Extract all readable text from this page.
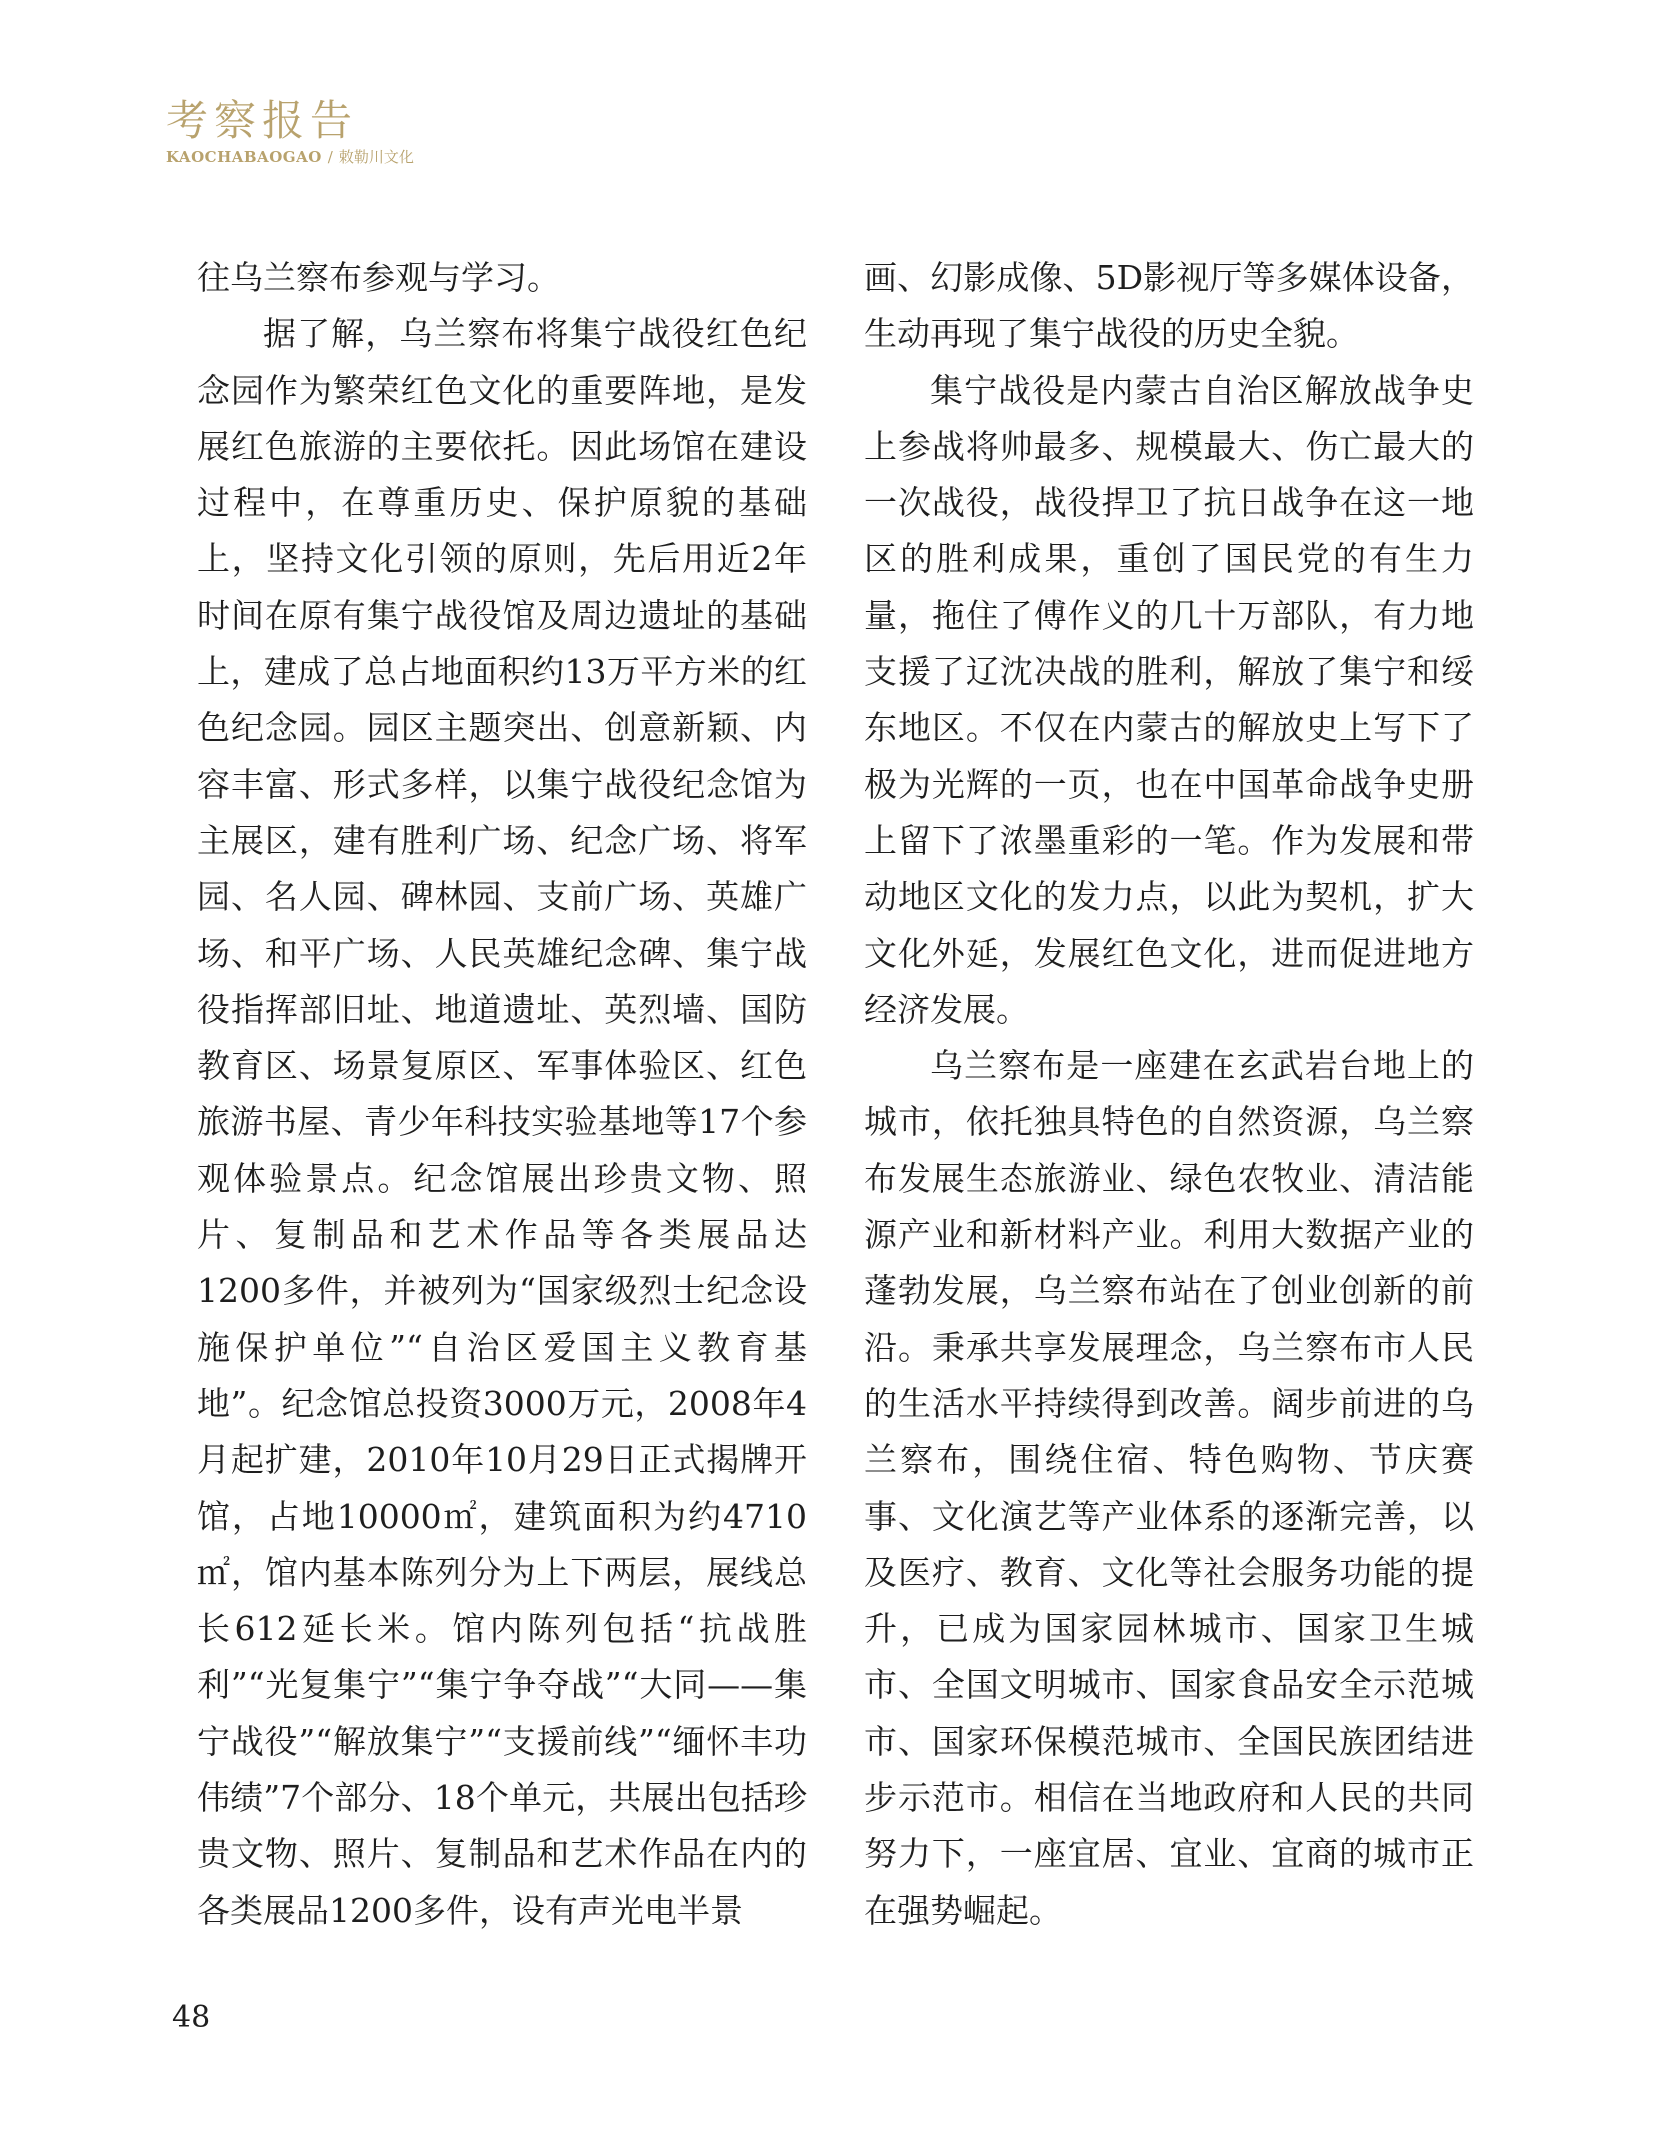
考察报告
KAOCHABAOGAO / 敕勒川文化

往乌兰察布参观与学习。

据了解，乌兰察布将集宁战役红色纪念园作为繁荣红色文化的重要阵地，是发展红色旅游的主要依托。因此场馆在建设过程中，在尊重历史、保护原貌的基础上，坚持文化引领的原则，先后用近2年时间在原有集宁战役馆及周边遗址的基础上，建成了总占地面积约13万平方米的红色纪念园。园区主题突出、创意新颖、内容丰富、形式多样，以集宁战役纪念馆为主展区，建有胜利广场、纪念广场、将军园、名人园、碑林园、支前广场、英雄广场、和平广场、人民英雄纪念碑、集宁战役指挥部旧址、地道遗址、英烈墙、国防教育区、场景复原区、军事体验区、红色旅游书屋、青少年科技实验基地等17个参观体验景点。纪念馆展出珍贵文物、照片、复制品和艺术作品等各类展品达1200多件，并被列为“国家级烈士纪念设施保护单位”“自治区爱国主义教育基地”。纪念馆总投资3000万元，2008年4月起扩建，2010年10月29日正式揭牌开馆，占地10000㎡，建筑面积为约4710㎡，馆内基本陈列分为上下两层，展线总长612延长米。馆内陈列包括“抗战胜利”“光复集宁”“集宁争夺战”“大同——集宁战役”“解放集宁”“支援前线”“缅怀丰功伟绩”7个部分、18个单元，共展出包括珍贵文物、照片、复制品和艺术作品在内的各类展品1200多件，设有声光电半景

画、幻影成像、5D影视厅等多媒体设备，生动再现了集宁战役的历史全貌。

集宁战役是内蒙古自治区解放战争史上参战将帅最多、规模最大、伤亡最大的一次战役，战役捍卫了抗日战争在这一地区的胜利成果，重创了国民党的有生力量，拖住了傅作义的几十万部队，有力地支援了辽沈决战的胜利，解放了集宁和绥东地区。不仅在内蒙古的解放史上写下了极为光辉的一页，也在中国革命战争史册上留下了浓墨重彩的一笔。作为发展和带动地区文化的发力点，以此为契机，扩大文化外延，发展红色文化，进而促进地方经济发展。

乌兰察布是一座建在玄武岩台地上的城市，依托独具特色的自然资源，乌兰察布发展生态旅游业、绿色农牧业、清洁能源产业和新材料产业。利用大数据产业的蓬勃发展，乌兰察布站在了创业创新的前沿。秉承共享发展理念，乌兰察布市人民的生活水平持续得到改善。阔步前进的乌兰察布，围绕住宿、特色购物、节庆赛事、文化演艺等产业体系的逐渐完善，以及医疗、教育、文化等社会服务功能的提升，已成为国家园林城市、国家卫生城市、全国文明城市、国家食品安全示范城市、国家环保模范城市、全国民族团结进步示范市。相信在当地政府和人民的共同努力下，一座宜居、宜业、宜商的城市正在强势崛起。

48
